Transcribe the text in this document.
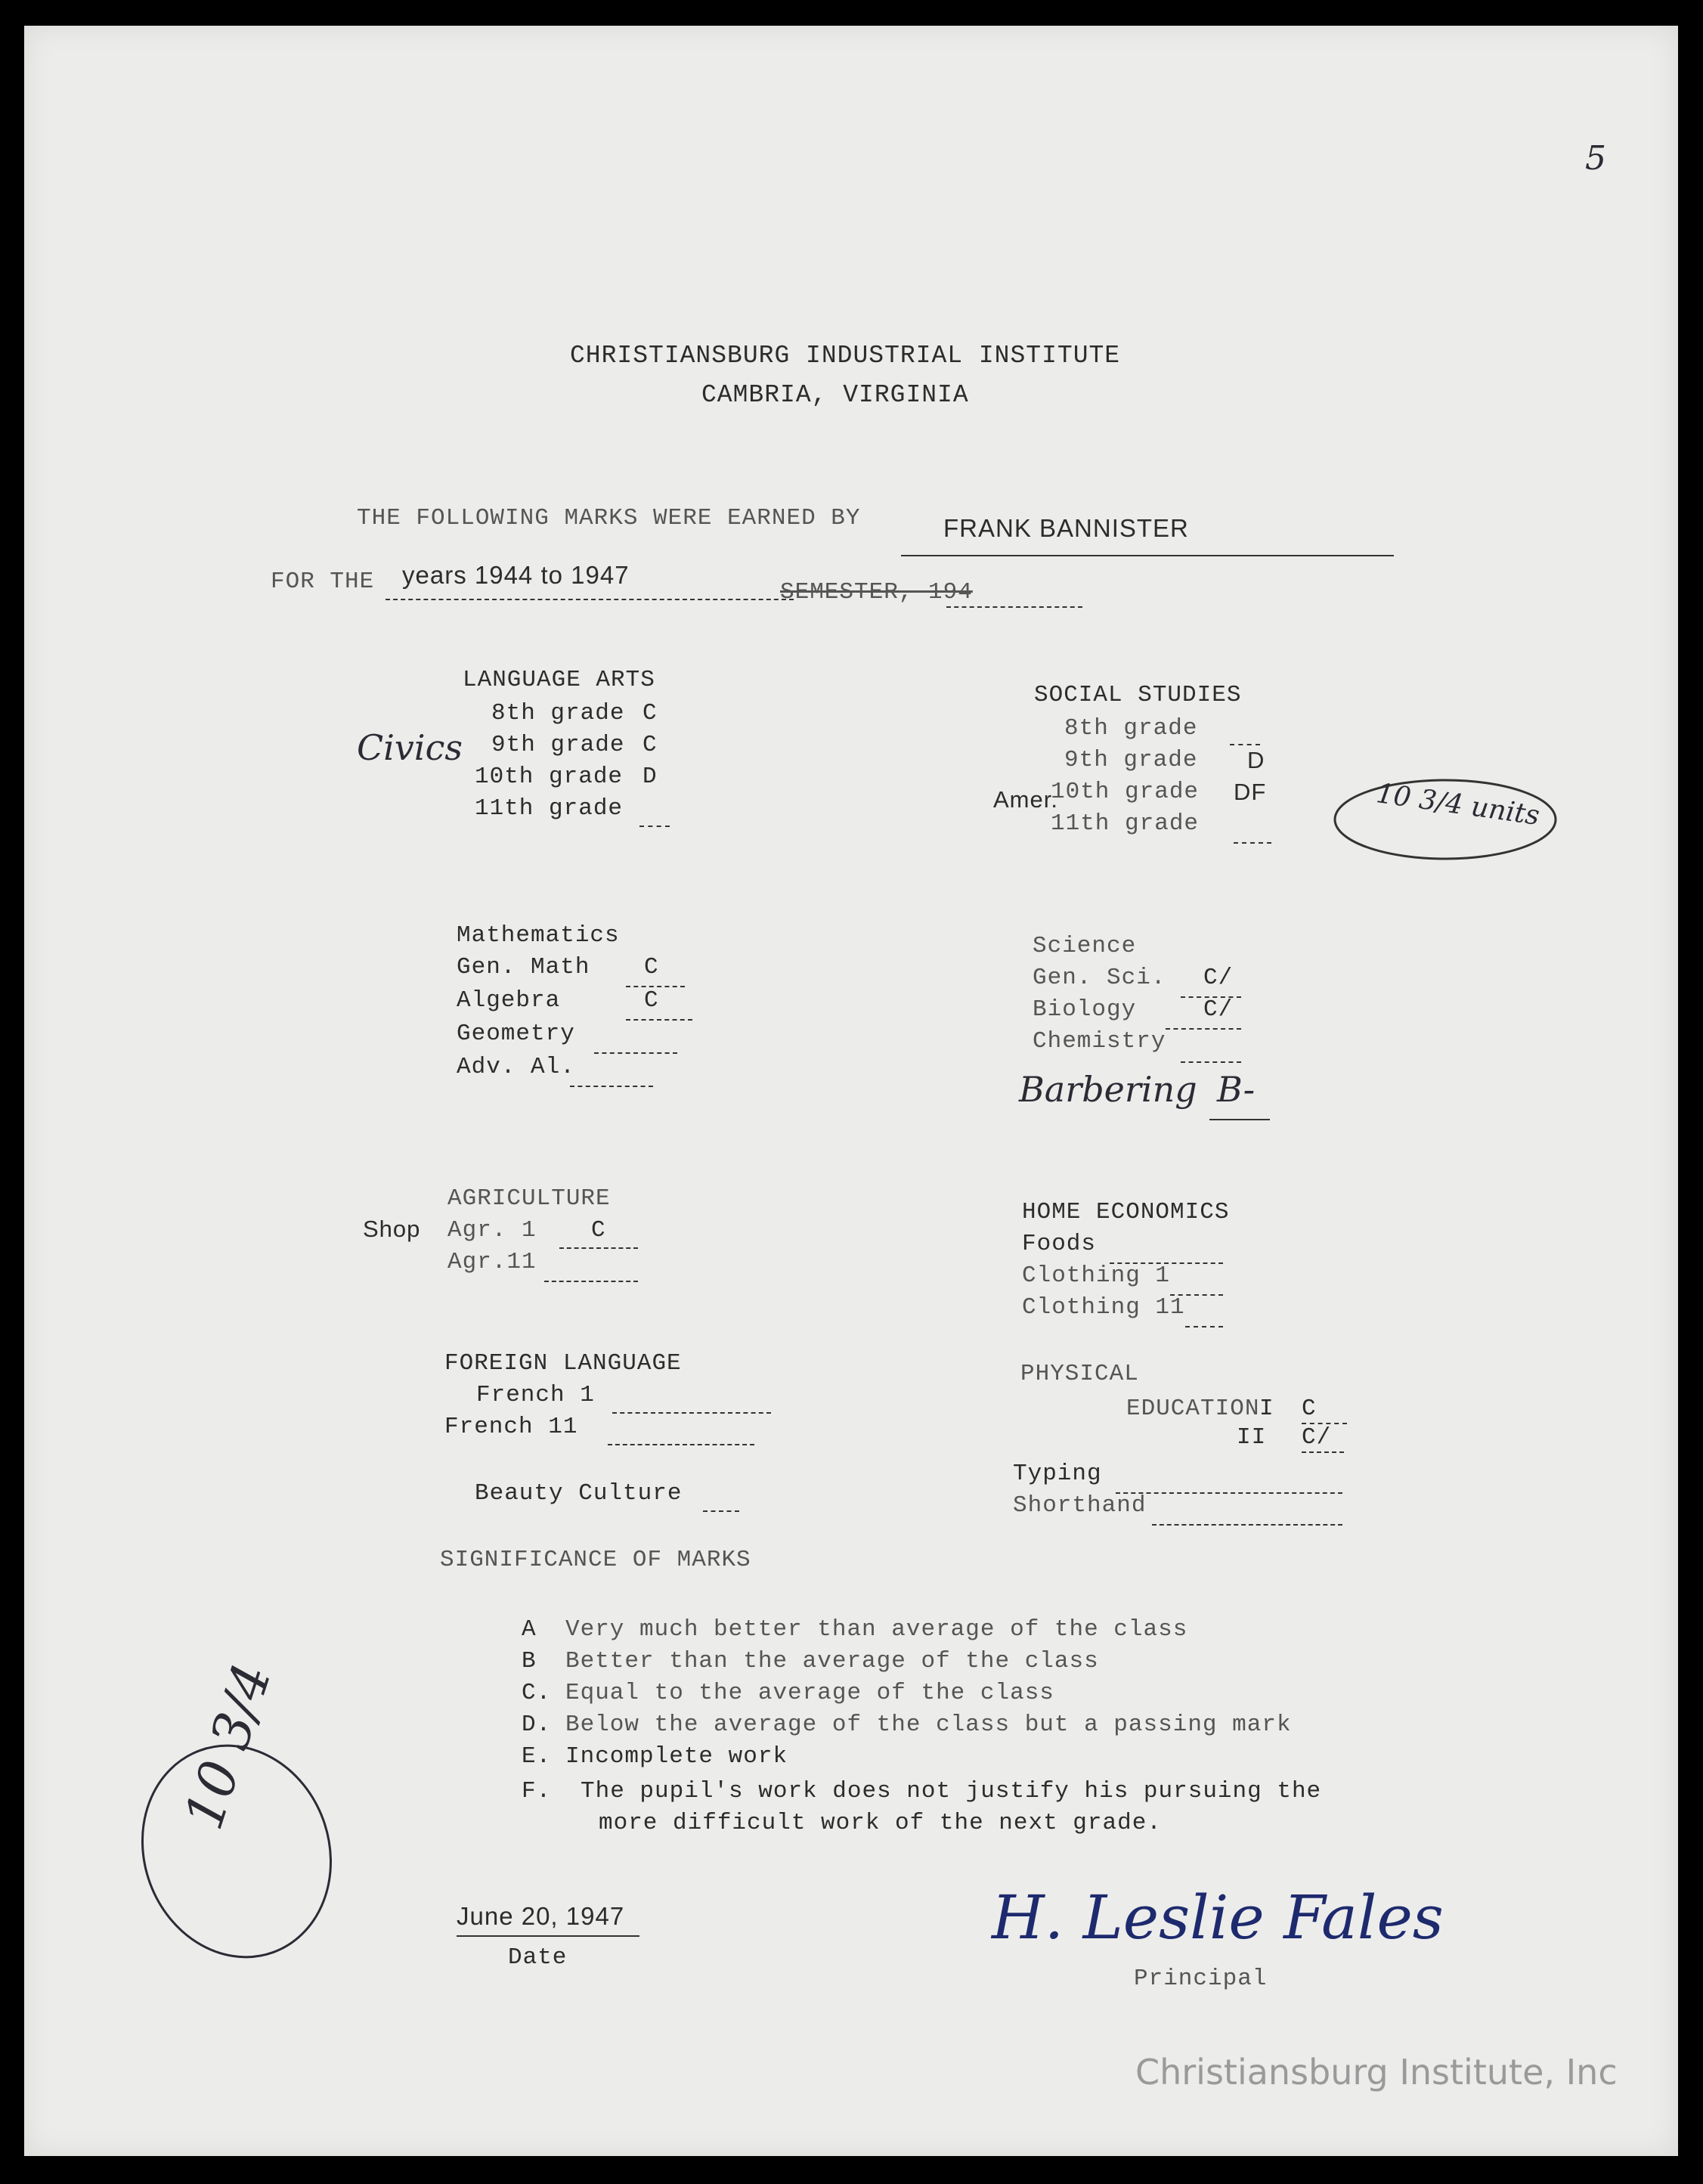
5
CHRISTIANSBURG INDUSTRIAL INSTITUTE
CAMBRIA, VIRGINIA
THE FOLLOWING MARKS WERE EARNED BY	FRANK BANNISTER
FOR THE years 1944 to 1947
SEMESTER, 194
LANGUAGE ARTS
8th grade C
9th grade C
10th grade D
11th grade
Civics
SOCIAL STUDIES
8th grade
9th grade D
10th grade DF
11th grade
Amer.	10 3/4 units
Mathematics
Gen. Math C
Algebra	C
Geometry
Adv. Al.
Science
Gen. Sci. C/
Biology	C/
Chemistry
Barbering B-
AGRICULTURE
Shop Agr. 1 C
Agr.11
HOME ECONOMICS
Foods
Clothing 1
Clothing 11
FOREIGN LANGUAGE
French 1
French 11
PHYSICAL
EDUCATION I C
II C/
Beauty Culture
Typing
Shorthand
SIGNIFICANCE OF MARKS
A Very much better than average of the class
B Better than the average of the class
C. Equal to the average of the class
D. Below the average of the class but a passing mark
E. Incomplete work
F. The pupil's work does not justify his pursuing the
more difficult work of the next grade.
10 3/4
June 20, 1947
Date
H. Leslie Fales
Principal
Christiansburg Institute, Inc
